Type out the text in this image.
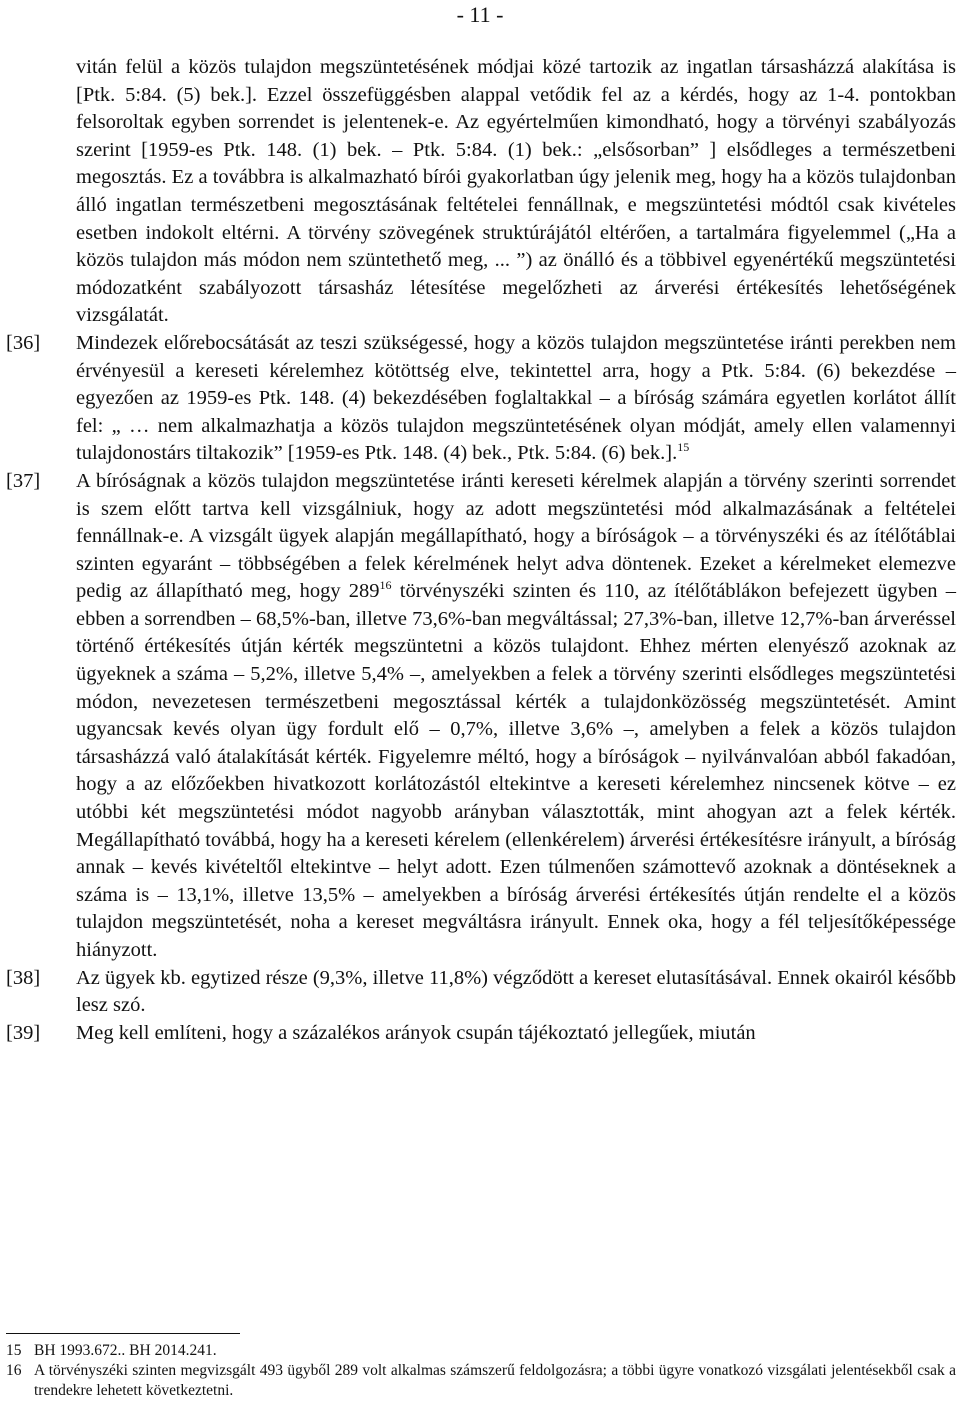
- 11 -
vitán felül a közös tulajdon megszüntetésének módjai közé tartozik az ingatlan társasházzá alakítása is [Ptk. 5:84. (5) bek.]. Ezzel összefüggésben alappal vetődik fel az a kérdés, hogy az 1-4. pontokban felsoroltak egyben sorrendet is jelentenek-e. Az egyértelműen kimondható, hogy a törvényi szabályozás szerint [1959-es Ptk. 148. (1) bek. – Ptk. 5:84. (1) bek.: „elsősorban” ] elsődleges a természetbeni megosztás. Ez a továbbra is alkalmazható bírói gyakorlatban úgy jelenik meg, hogy ha a közös tulajdonban álló ingatlan természetbeni megosztásának feltételei fennállnak, e megszüntetési módtól csak kivételes esetben indokolt eltérni. A törvény szövegének struktúrájától eltérően, a tartalmára figyelemmel („Ha a közös tulajdon más módon nem szüntethető meg, ... ”) az önálló és a többivel egyenértékű megszüntetési módozatként szabályozott társasház létesítése megelőzheti az árverési értékesítés lehetőségének vizsgálatát.
[36]	Mindezek előrebocsátását az teszi szükségessé, hogy a közös tulajdon megszüntetése iránti perekben nem érvényesül a kereseti kérelemhez kötöttség elve, tekintettel arra, hogy a Ptk. 5:84. (6) bekezdése – egyezően az 1959-es Ptk. 148. (4) bekezdésében foglaltakkal – a bíróság számára egyetlen korlátot állít fel: „ … nem alkalmazhatja a közös tulajdon megszüntetésének olyan módját, amely ellen valamennyi tulajdonostárs tiltakozik” [1959-es Ptk. 148. (4) bek., Ptk. 5:84. (6) bek.].$^{15}$
[37]	A bíróságnak a közös tulajdon megszüntetése iránti kereseti kérelmek alapján a törvény szerinti sorrendet is szem előtt tartva kell vizsgálniuk, hogy az adott megszüntetési mód alkalmazásának a feltételei fennállnak-e. A vizsgált ügyek alapján megállapítható, hogy a bíróságok – a törvényszéki és az ítélőtáblai szinten egyaránt – többségében a felek kérelmének helyt adva döntenek. Ezeket a kérelmeket elemezve pedig az állapítható meg, hogy $289^{16}$ törvényszéki szinten és 110, az ítélőtáblákon befejezett ügyben – ebben a sorrendben – 68,5%-ban, illetve 73,6%-ban megváltással; 27,3%-ban, illetve 12,7%-ban árveréssel történő értékesítés útján kérték megszüntetni a közös tulajdont. Ehhez mérten elenyésző azoknak az ügyeknek a száma – 5,2%, illetve 5,4% –, amelyekben a felek a törvény szerinti elsődleges megszüntetési módon, nevezetesen természetbeni megosztással kérték a tulajdonközösség megszüntetését. Amint ugyancsak kevés olyan ügy fordult elő – 0,7%, illetve 3,6% –, amelyben a felek a közös tulajdon társasházzá való átalakítását kérték. Figyelemre méltó, hogy a bíróságok – nyilvánvalóan abból fakadóan, hogy a az előzőekben hivatkozott korlátozástól eltekintve a kereseti kérelemhez nincsenek kötve – ez utóbbi két megszüntetési módot nagyobb arányban választották, mint ahogyan azt a felek kérték. Megállapítható továbbá, hogy ha a kereseti kérelem (ellenkérelem) árverési értékesítésre irányult, a bíróság annak – kevés kivételtől eltekintve – helyt adott. Ezen túlmenően számottevő azoknak a döntéseknek a száma is – 13,1%, illetve 13,5% – amelyekben a bíróság árverési értékesítés útján rendelte el a közös tulajdon megszüntetését, noha a kereset megváltásra irányult. Ennek oka, hogy a fél teljesítőképessége hiányzott.
[38]	Az ügyek kb. egytized része (9,3%, illetve 11,8%) végződött a kereset elutasításával. Ennek okairól később lesz szó.
[39]	Meg kell említeni, hogy a százalékos arányok csupán tájékoztató jellegűek, miután
15 BH 1993.672.. BH 2014.241.
16 A törvényszéki szinten megvizsgált 493 ügyből 289 volt alkalmas számszerű feldolgozásra; a többi ügyre vonatkozó vizsgálati jelentésekből csak a trendekre lehetett következtetni.
